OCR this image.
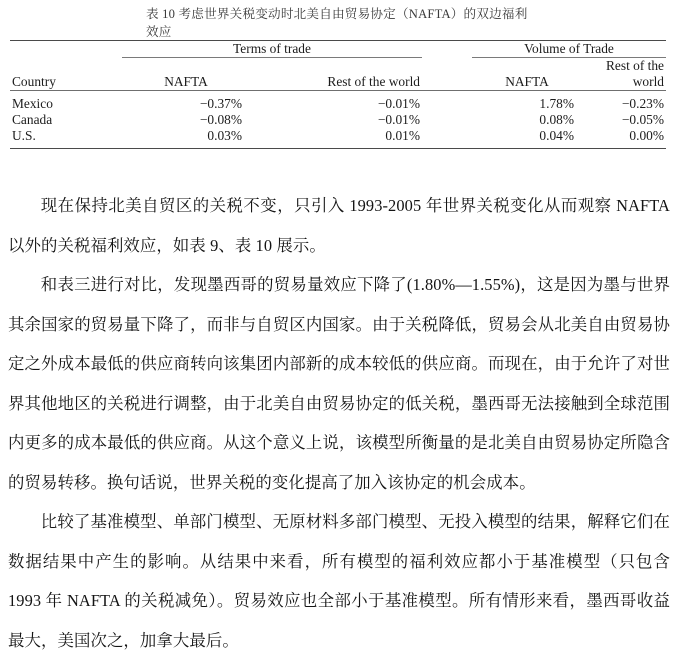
表 10 考虑世界关税变动时北美自由贸易协定（NAFTA）的双边福利
效应

	Terms of trade			Volume of Trade	

Country	NAFTA	Rest of the world		NAFTA	Rest of the world

Mexico	−0.37%	−0.01%		1.78%	−0.23%
Canada	−0.08%	−0.01%		0.08%	−0.05%
U.S.	0.03%	0.01%		0.04%	0.00%

现在保持北美自贸区的关税不变，只引入 1993-2005 年世界关税变化从而观察 NAFTA 以外的关税福利效应，如表 9、表 10 展示。

和表三进行对比，发现墨西哥的贸易量效应下降了(1.80%—1.55%)，这是因为墨与世界其余国家的贸易量下降了，而非与自贸区内国家。由于关税降低，贸易会从北美自由贸易协定之外成本最低的供应商转向该集团内部新的成本较低的供应商。而现在，由于允许了对世界其他地区的关税进行调整，由于北美自由贸易协定的低关税，墨西哥无法接触到全球范围内更多的成本最低的供应商。从这个意义上说，该模型所衡量的是北美自由贸易协定所隐含的贸易转移。换句话说，世界关税的变化提高了加入该协定的机会成本。

比较了基准模型、单部门模型、无原材料多部门模型、无投入模型的结果，解释它们在数据结果中产生的影响。从结果中来看，所有模型的福利效应都小于基准模型（只包含 1993 年 NAFTA 的关税减免）。贸易效应也全部小于基准模型。所有情形来看，墨西哥收益最大，美国次之，加拿大最后。
